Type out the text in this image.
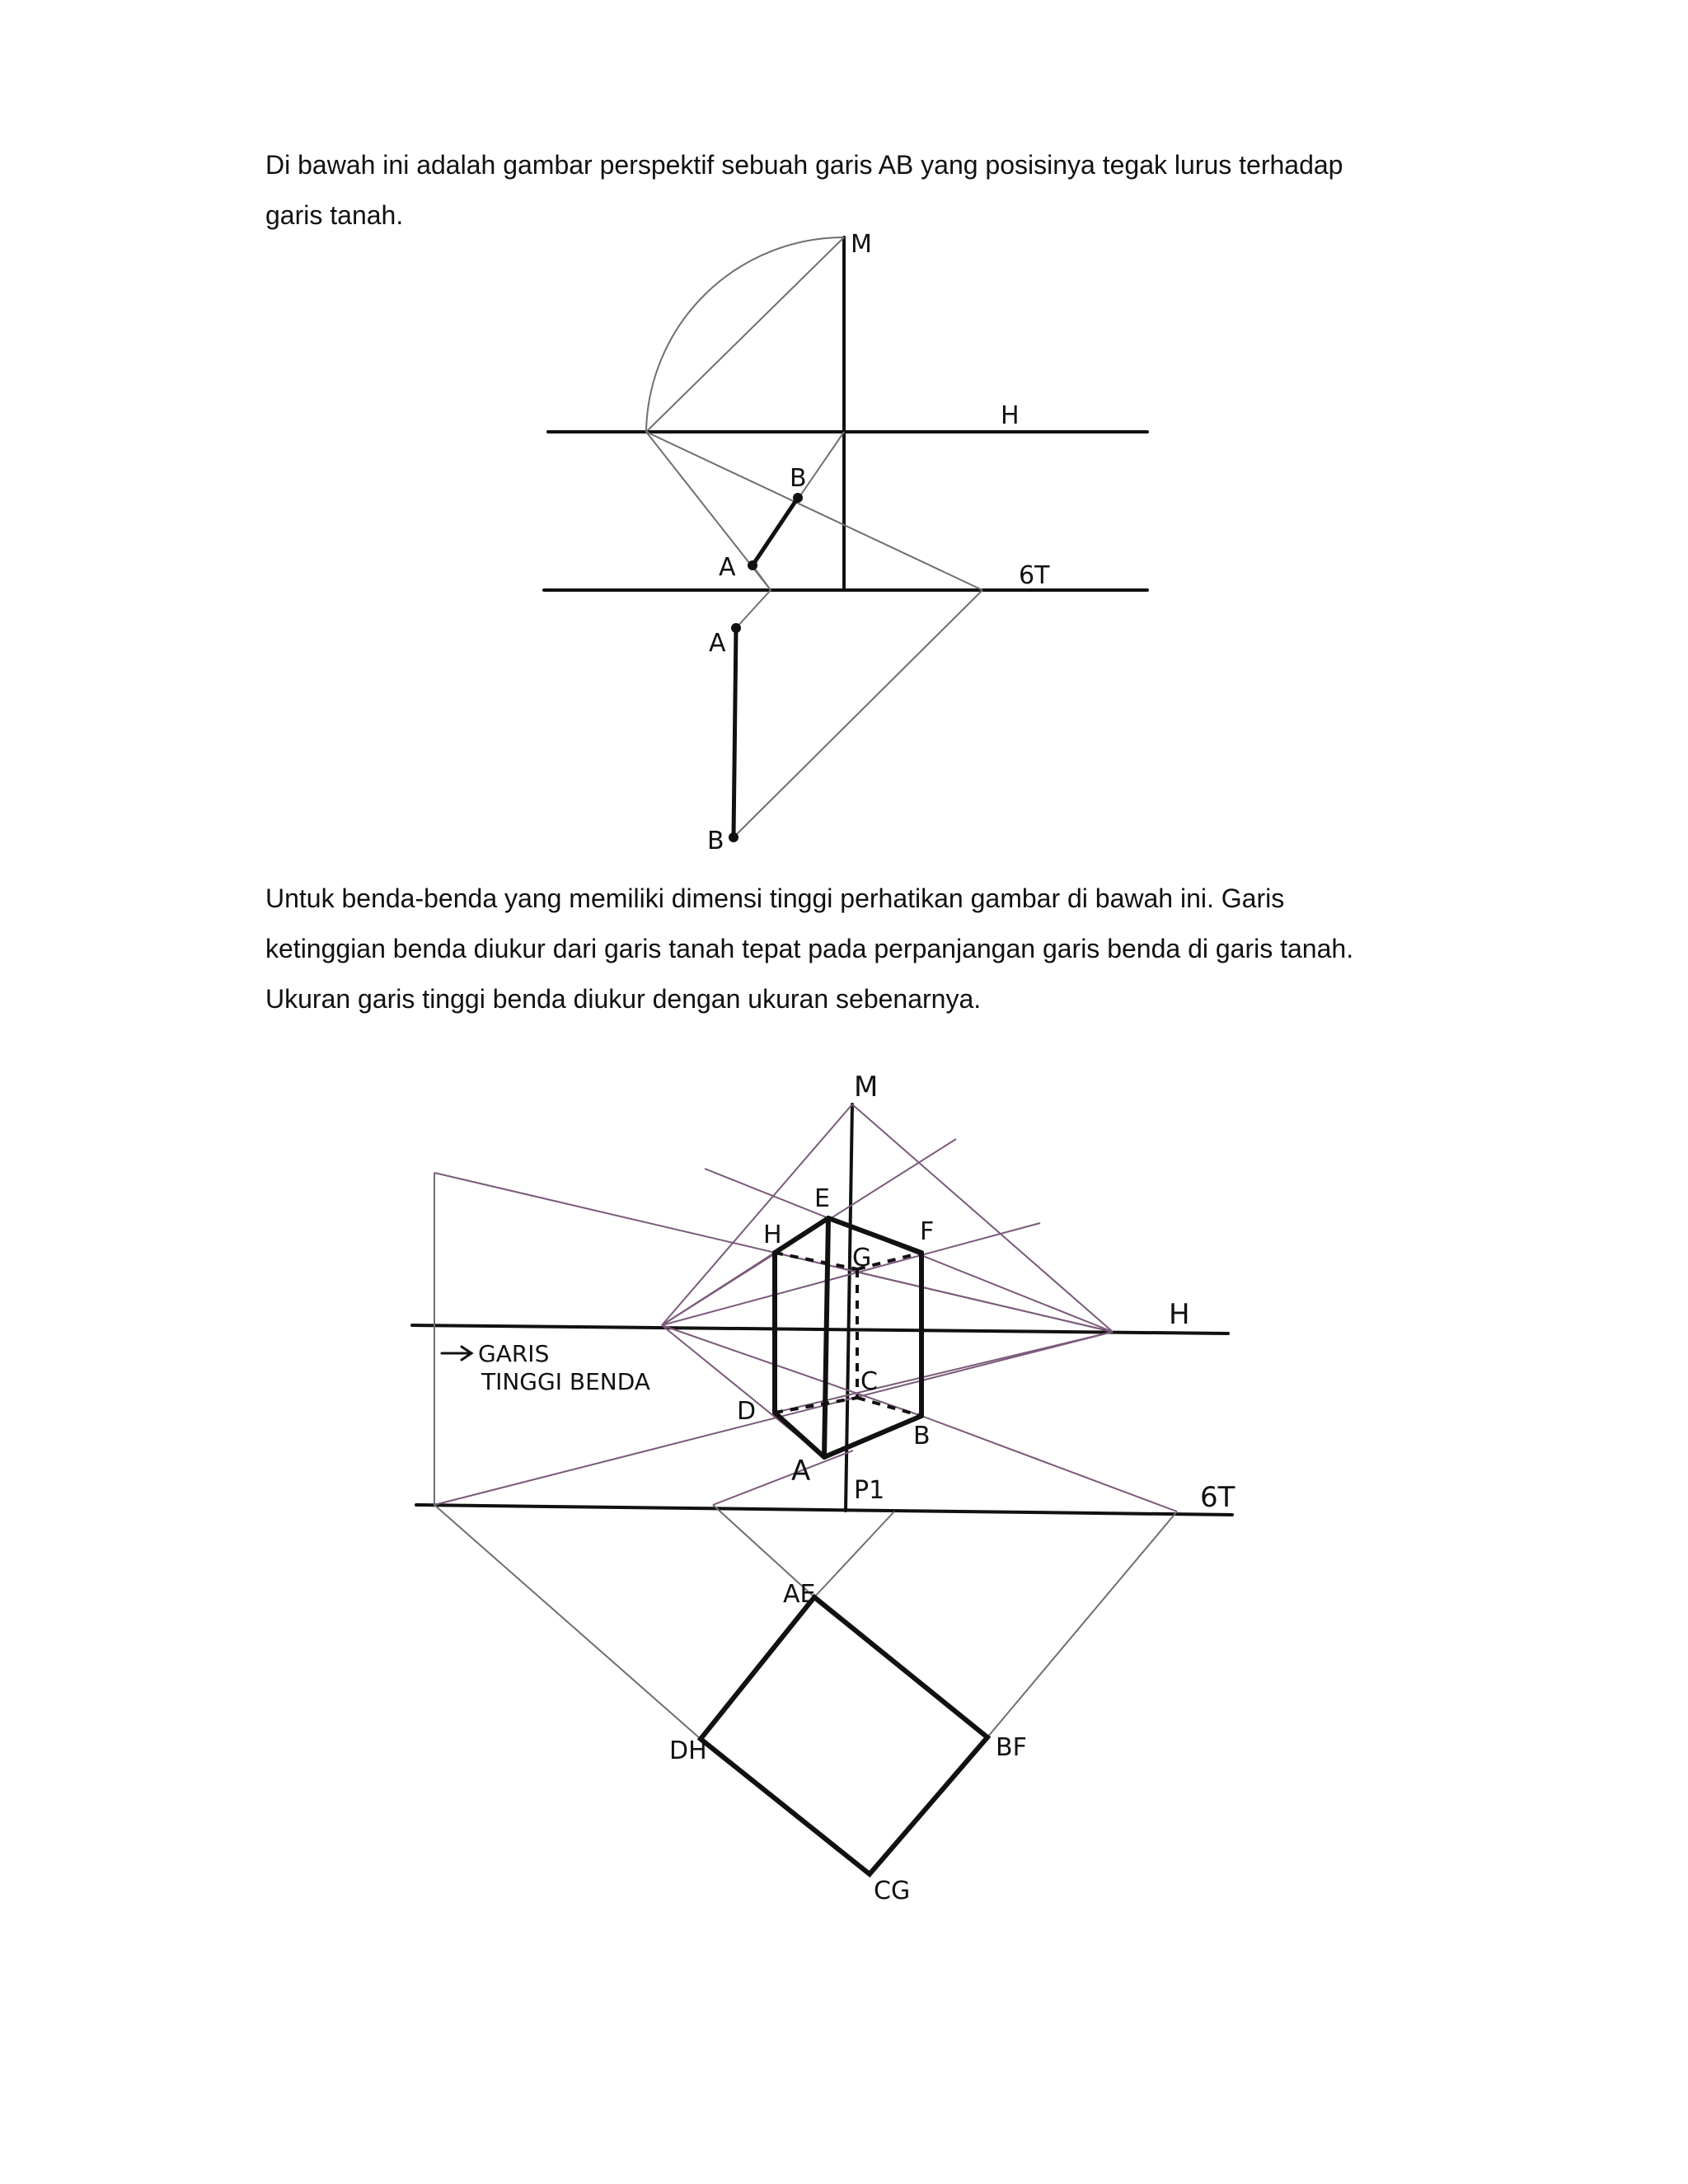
Di bawah ini adalah gambar perspektif sebuah garis AB yang posisinya tegak lurus terhadap
garis tanah.
M
H
6T
B
A
A
B
Untuk benda-benda yang memiliki dimensi tinggi perhatikan gambar di bawah ini. Garis
ketinggian benda diukur dari garis tanah tepat pada perpanjangan garis benda di garis tanah.
Ukuran garis tinggi benda diukur dengan ukuran sebenarnya.
M
H
6T
E
F
H
G
C
D
B
A
P1
AE
BF
DH
CG
GARIS
TINGGI BENDA
